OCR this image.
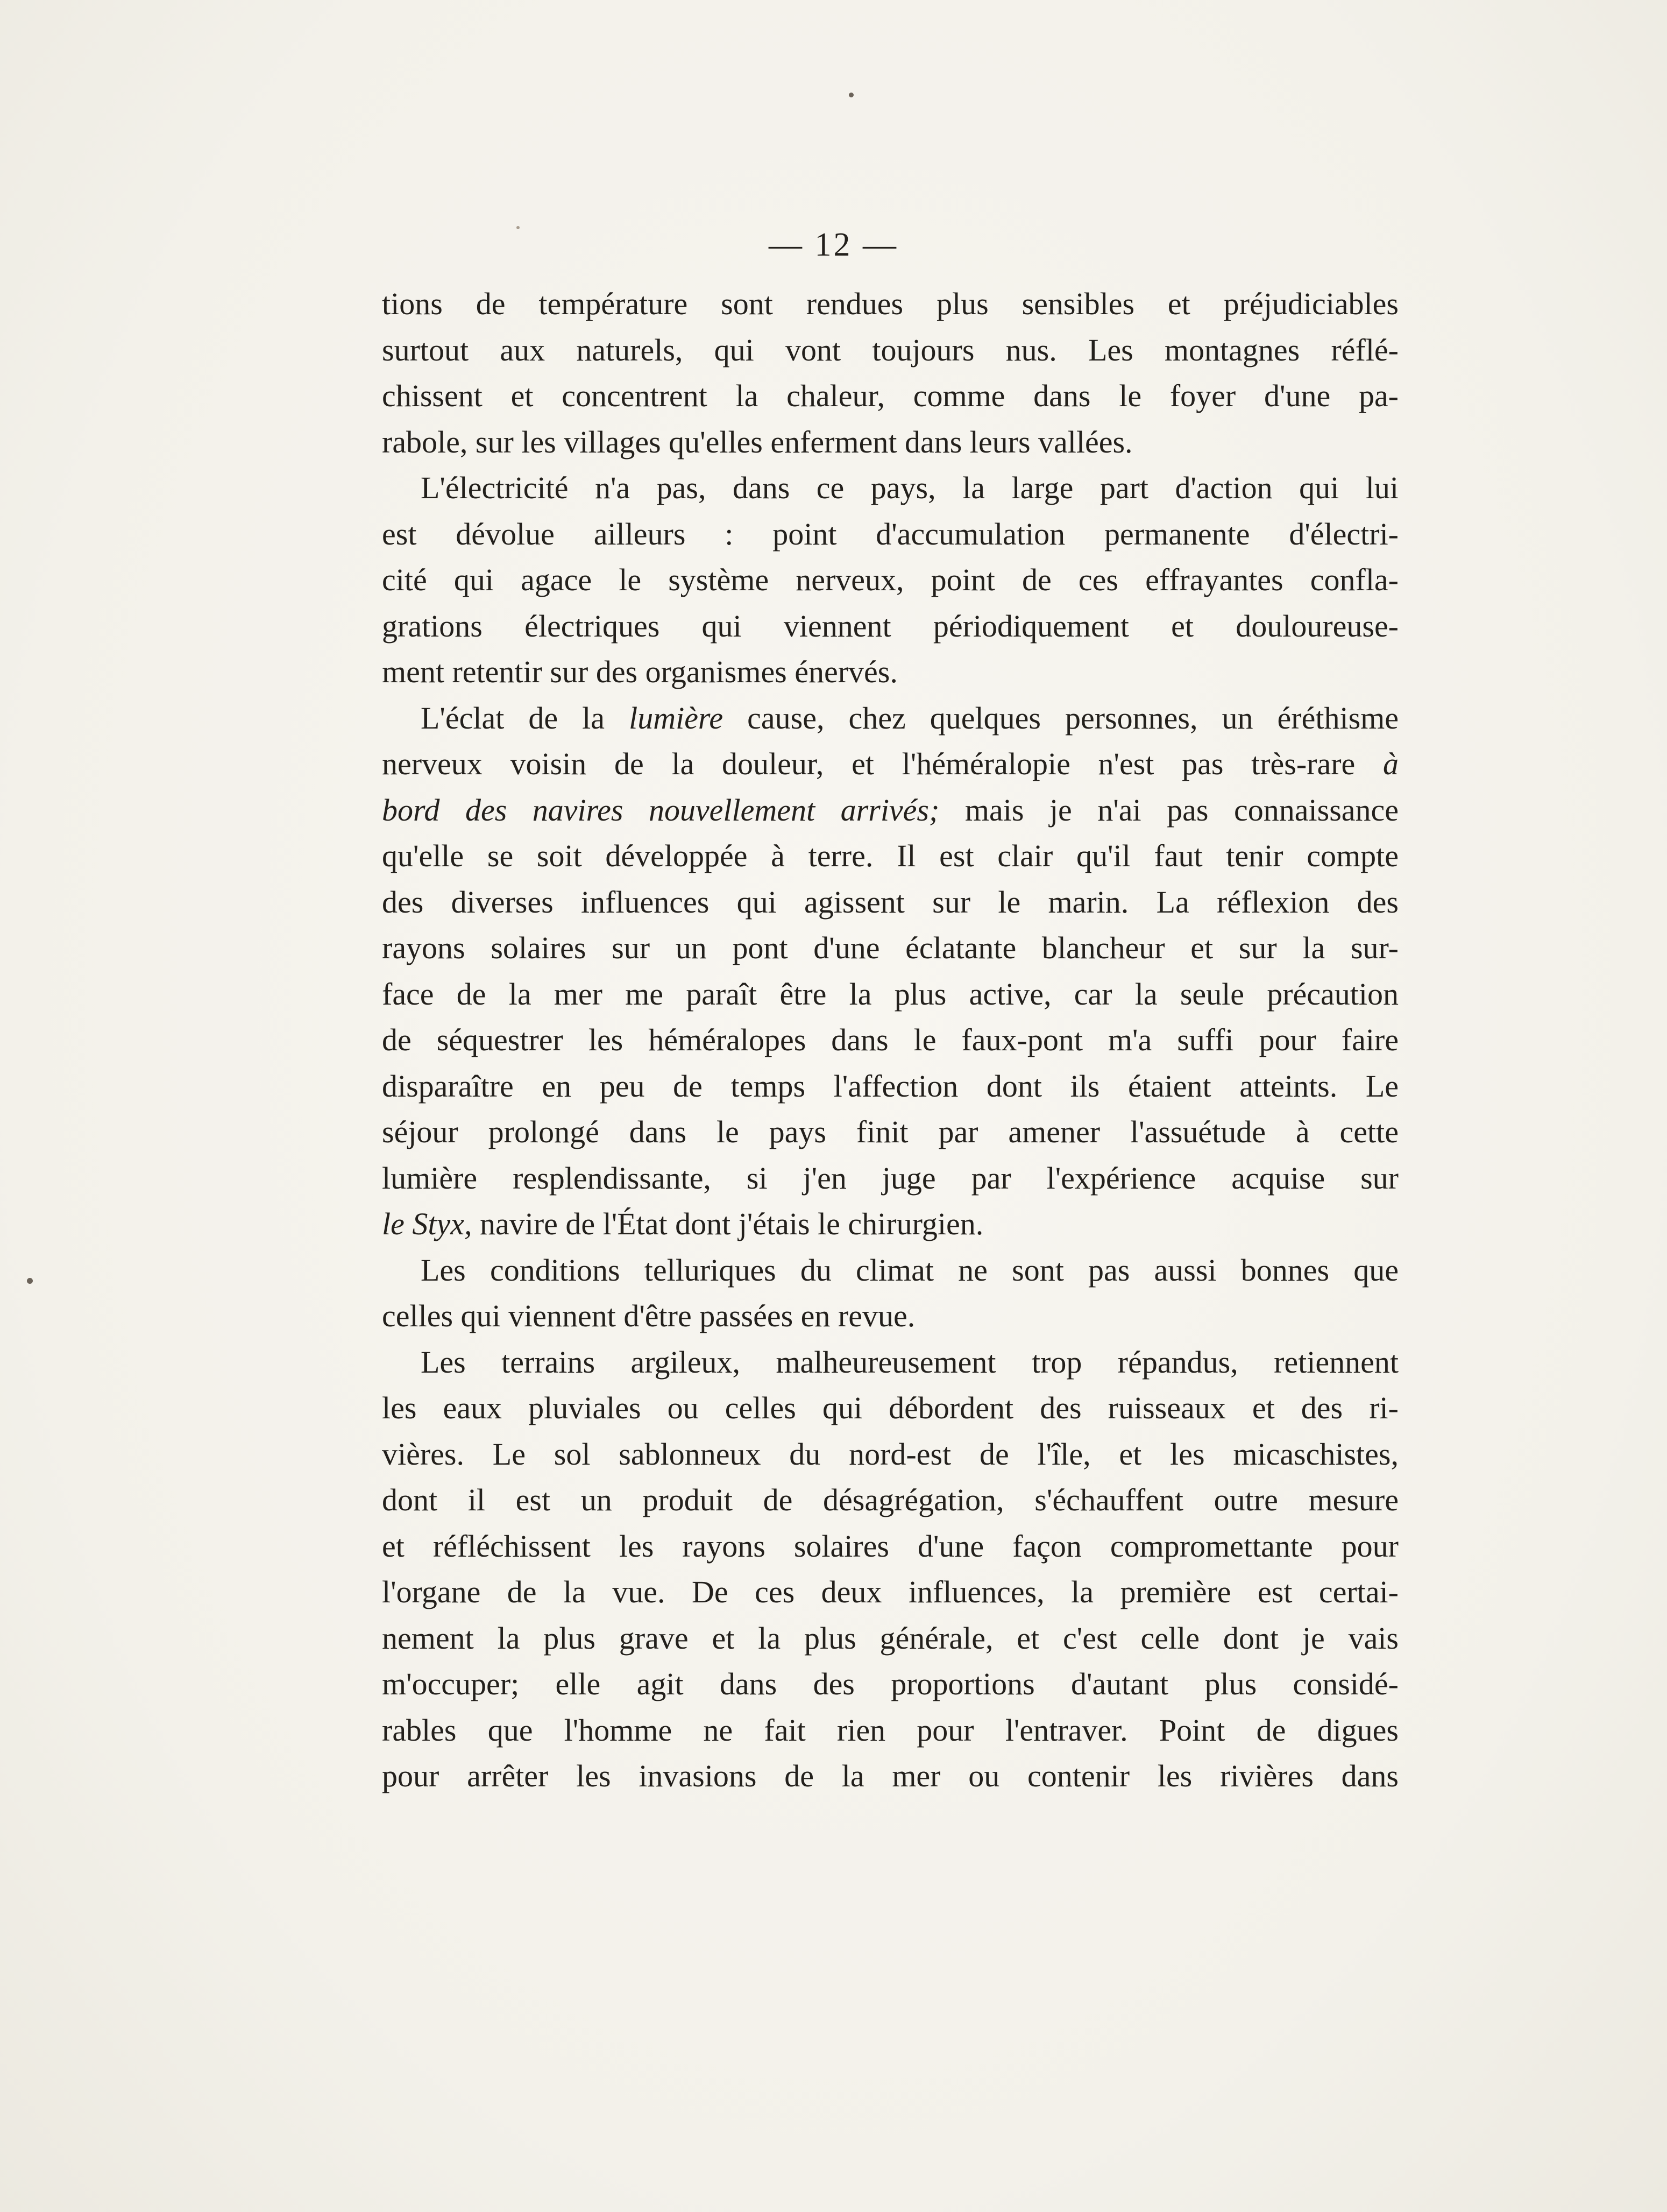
— 12 —
tions de température sont rendues plus sensibles et préjudiciables
surtout aux naturels, qui vont toujours nus. Les montagnes réflé-
chissent et concentrent la chaleur, comme dans le foyer d'une pa-
rabole, sur les villages qu'elles enferment dans leurs vallées.
L'électricité n'a pas, dans ce pays, la large part d'action qui lui
est dévolue ailleurs : point d'accumulation permanente d'électri-
cité qui agace le système nerveux, point de ces effrayantes confla-
grations électriques qui viennent périodiquement et douloureuse-
ment retentir sur des organismes énervés.
L'éclat de la lumière cause, chez quelques personnes, un éréthisme
nerveux voisin de la douleur, et l'héméralopie n'est pas très-rare à
bord des navires nouvellement arrivés; mais je n'ai pas connaissance
qu'elle se soit développée à terre. Il est clair qu'il faut tenir compte
des diverses influences qui agissent sur le marin. La réflexion des
rayons solaires sur un pont d'une éclatante blancheur et sur la sur-
face de la mer me paraît être la plus active, car la seule précaution
de séquestrer les héméralopes dans le faux-pont m'a suffi pour faire
disparaître en peu de temps l'affection dont ils étaient atteints. Le
séjour prolongé dans le pays finit par amener l'assuétude à cette
lumière resplendissante, si j'en juge par l'expérience acquise sur
le Styx, navire de l'État dont j'étais le chirurgien.
Les conditions telluriques du climat ne sont pas aussi bonnes que
celles qui viennent d'être passées en revue.
Les terrains argileux, malheureusement trop répandus, retiennent
les eaux pluviales ou celles qui débordent des ruisseaux et des ri-
vières. Le sol sablonneux du nord-est de l'île, et les micaschistes,
dont il est un produit de désagrégation, s'échauffent outre mesure
et réfléchissent les rayons solaires d'une façon compromettante pour
l'organe de la vue. De ces deux influences, la première est certai-
nement la plus grave et la plus générale, et c'est celle dont je vais
m'occuper; elle agit dans des proportions d'autant plus considé-
rables que l'homme ne fait rien pour l'entraver. Point de digues
pour arrêter les invasions de la mer ou contenir les rivières dans
